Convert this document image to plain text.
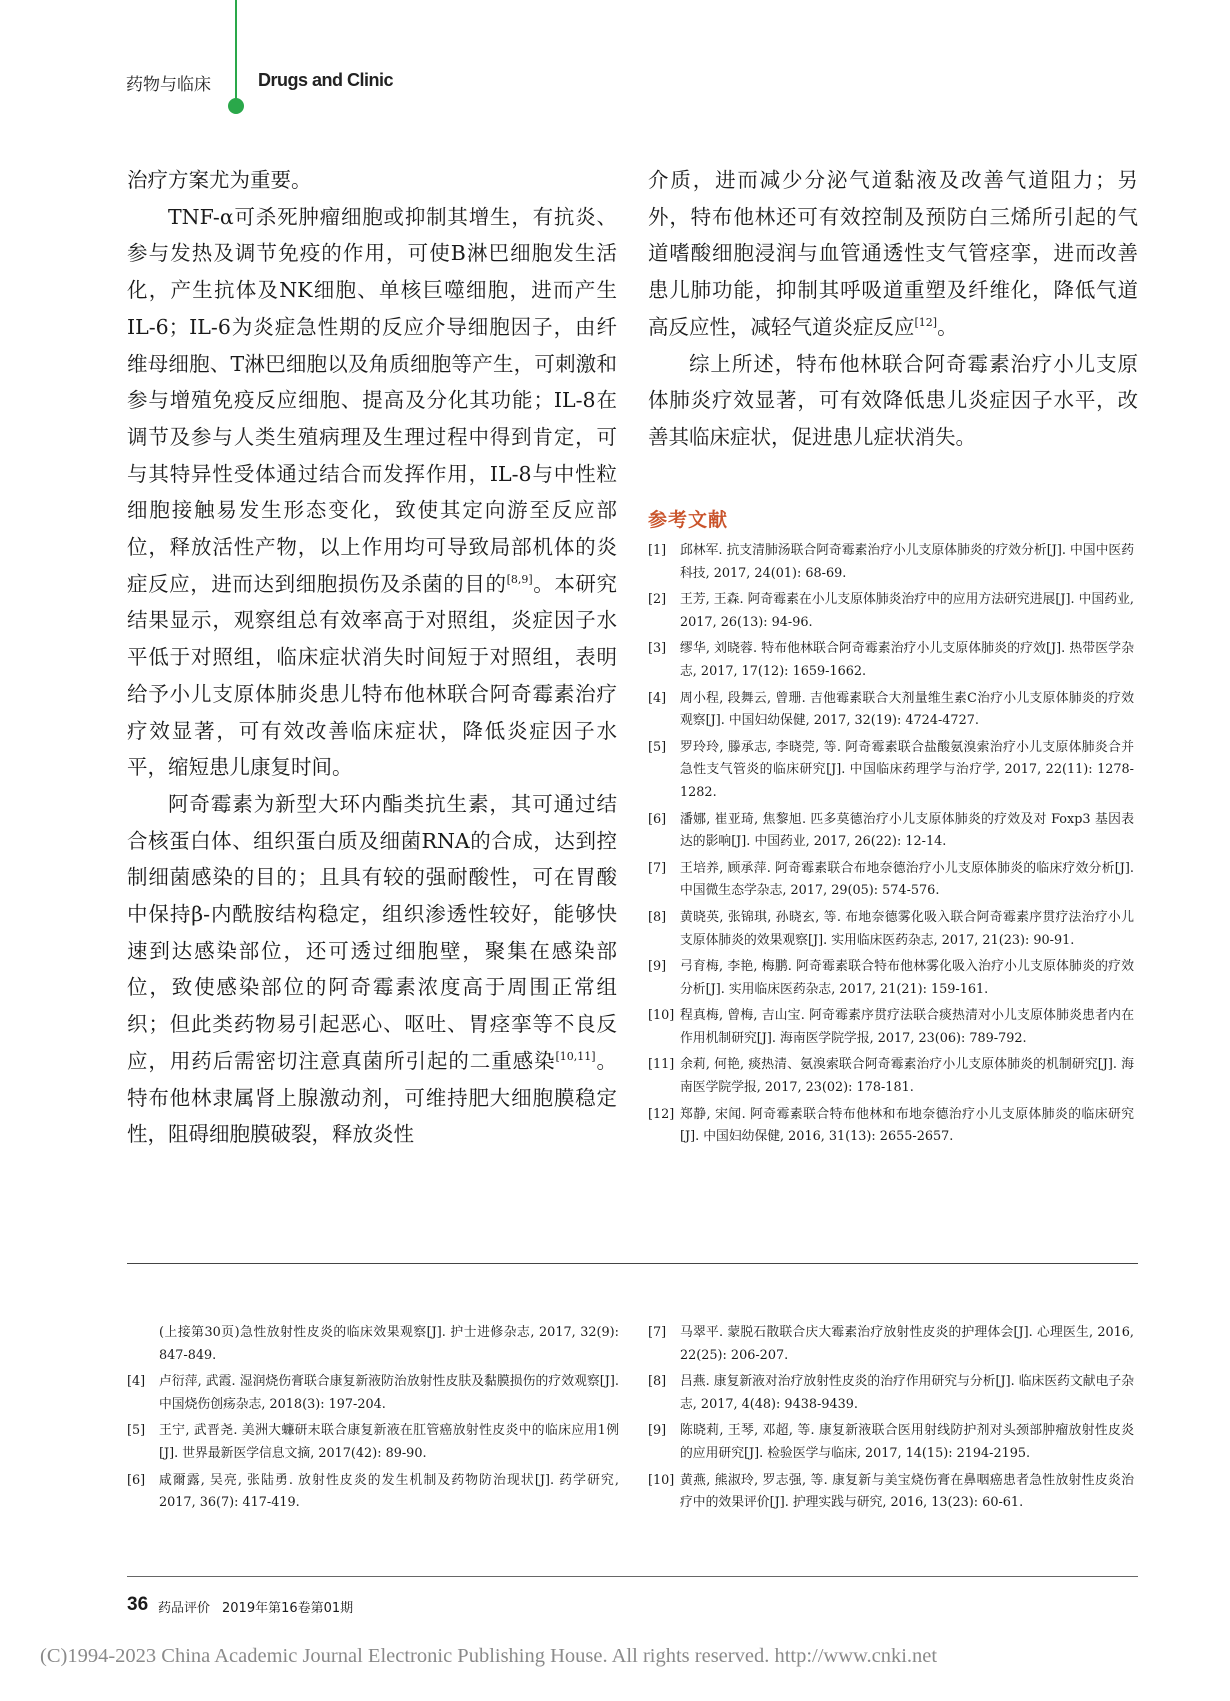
药物与临床	Drugs and Clinic

治疗方案尤为重要。

TNF-α可杀死肿瘤细胞或抑制其增生，有抗炎、参与发热及调节免疫的作用，可使B淋巴细胞发生活化，产生抗体及NK细胞、单核巨噬细胞，进而产生IL-6；IL-6为炎症急性期的反应介导细胞因子，由纤维母细胞、T淋巴细胞以及角质细胞等产生，可刺激和参与增殖免疫反应细胞、提高及分化其功能；IL-8在调节及参与人类生殖病理及生理过程中得到肯定，可与其特异性受体通过结合而发挥作用，IL-8与中性粒细胞接触易发生形态变化，致使其定向游至反应部位，释放活性产物，以上作用均可导致局部机体的炎症反应，进而达到细胞损伤及杀菌的目的[8,9]。本研究结果显示，观察组总有效率高于对照组，炎症因子水平低于对照组，临床症状消失时间短于对照组，表明给予小儿支原体肺炎患儿特布他林联合阿奇霉素治疗疗效显著，可有效改善临床症状，降低炎症因子水平，缩短患儿康复时间。

阿奇霉素为新型大环内酯类抗生素，其可通过结合核蛋白体、组织蛋白质及细菌RNA的合成，达到控制细菌感染的目的；且具有较的强耐酸性，可在胃酸中保持β-内酰胺结构稳定，组织渗透性较好，能够快速到达感染部位，还可透过细胞壁，聚集在感染部位，致使感染部位的阿奇霉素浓度高于周围正常组织；但此类药物易引起恶心、呕吐、胃痉挛等不良反应，用药后需密切注意真菌所引起的二重感染[10,11]。特布他林隶属肾上腺激动剂，可维持肥大细胞膜稳定性，阻碍细胞膜破裂，释放炎性

介质，进而减少分泌气道黏液及改善气道阻力；另外，特布他林还可有效控制及预防白三烯所引起的气道嗜酸细胞浸润与血管通透性支气管痉挛，进而改善患儿肺功能，抑制其呼吸道重塑及纤维化，降低气道高反应性，减轻气道炎症反应[12]。

综上所述，特布他林联合阿奇霉素治疗小儿支原体肺炎疗效显著，可有效降低患儿炎症因子水平，改善其临床症状，促进患儿症状消失。

参考文献
[1]	邱林军. 抗支清肺汤联合阿奇霉素治疗小儿支原体肺炎的疗效分析[J]. 中国中医药科技, 2017, 24(01): 68-69.
[2]	王芳, 王森. 阿奇霉素在小儿支原体肺炎治疗中的应用方法研究进展[J]. 中国药业, 2017, 26(13): 94-96.
[3]	缪华, 刘晓蓉. 特布他林联合阿奇霉素治疗小儿支原体肺炎的疗效[J]. 热带医学杂志, 2017, 17(12): 1659-1662.
[4]	周小程, 段舞云, 曾珊. 吉他霉素联合大剂量维生素C治疗小儿支原体肺炎的疗效观察[J]. 中国妇幼保健, 2017, 32(19): 4724-4727.
[5]	罗玲玲, 滕承志, 李晓莞, 等. 阿奇霉素联合盐酸氨溴索治疗小儿支原体肺炎合并急性支气管炎的临床研究[J]. 中国临床药理学与治疗学, 2017, 22(11): 1278-1282.
[6]	潘娜, 崔亚琦, 焦黎旭. 匹多莫德治疗小儿支原体肺炎的疗效及对 Foxp3 基因表达的影响[J]. 中国药业, 2017, 26(22): 12-14.
[7]	王培养, 顾承萍. 阿奇霉素联合布地奈德治疗小儿支原体肺炎的临床疗效分析[J]. 中国微生态学杂志, 2017, 29(05): 574-576.
[8]	黄晓英, 张锦琪, 孙晓玄, 等. 布地奈德雾化吸入联合阿奇霉素序贯疗法治疗小儿支原体肺炎的效果观察[J]. 实用临床医药杂志, 2017, 21(23): 90-91.
[9]	弓育梅, 李艳, 梅鹏. 阿奇霉素联合特布他林雾化吸入治疗小儿支原体肺炎的疗效分析[J]. 实用临床医药杂志, 2017, 21(21): 159-161.
[10] 程真梅, 曾梅, 吉山宝. 阿奇霉素序贯疗法联合痰热清对小儿支原体肺炎患者内在作用机制研究[J]. 海南医学院学报, 2017, 23(06): 789-792.
[11] 余莉, 何艳, 痰热清、氨溴索联合阿奇霉素治疗小儿支原体肺炎的机制研究[J]. 海南医学院学报, 2017, 23(02): 178-181.
[12] 郑静, 宋闻. 阿奇霉素联合特布他林和布地奈德治疗小儿支原体肺炎的临床研究[J]. 中国妇幼保健, 2016, 31(13): 2655-2657.
(上接第30页)急性放射性皮炎的临床效果观察[J]. 护士进修杂志, 2017, 32(9): 847-849.
[4]	卢衍萍, 武霞. 湿润烧伤膏联合康复新液防治放射性皮肤及黏膜损伤的疗效观察[J]. 中国烧伤创疡杂志, 2018(3): 197-204.
[5]	王宁, 武晋尧. 美洲大蠊研末联合康复新液在肛管癌放射性皮炎中的临床应用1例[J]. 世界最新医学信息文摘, 2017(42): 89-90.
[6]	咸爾露, 吴亮, 张陆勇. 放射性皮炎的发生机制及药物防治现状[J]. 药学研究, 2017, 36(7): 417-419.
[7]	马翠平. 蒙脱石散联合庆大霉素治疗放射性皮炎的护理体会[J]. 心理医生, 2016, 22(25): 206-207.
[8]	吕燕. 康复新液对治疗放射性皮炎的治疗作用研究与分析[J]. 临床医药文献电子杂志, 2017, 4(48): 9438-9439.
[9]	陈晓莉, 王琴, 邓超, 等. 康复新液联合医用射线防护剂对头颈部肿瘤放射性皮炎的应用研究[J]. 检验医学与临床, 2017, 14(15): 2194-2195.
[10] 黄燕, 熊淑玲, 罗志强, 等. 康复新与美宝烧伤膏在鼻咽癌患者急性放射性皮炎治疗中的效果评价[J]. 护理实践与研究, 2016, 13(23): 60-61.
36 药品评价 2019年第16卷第01期
(C)1994-2023 China Academic Journal Electronic Publishing House. All rights reserved. http://www.cnki.net
